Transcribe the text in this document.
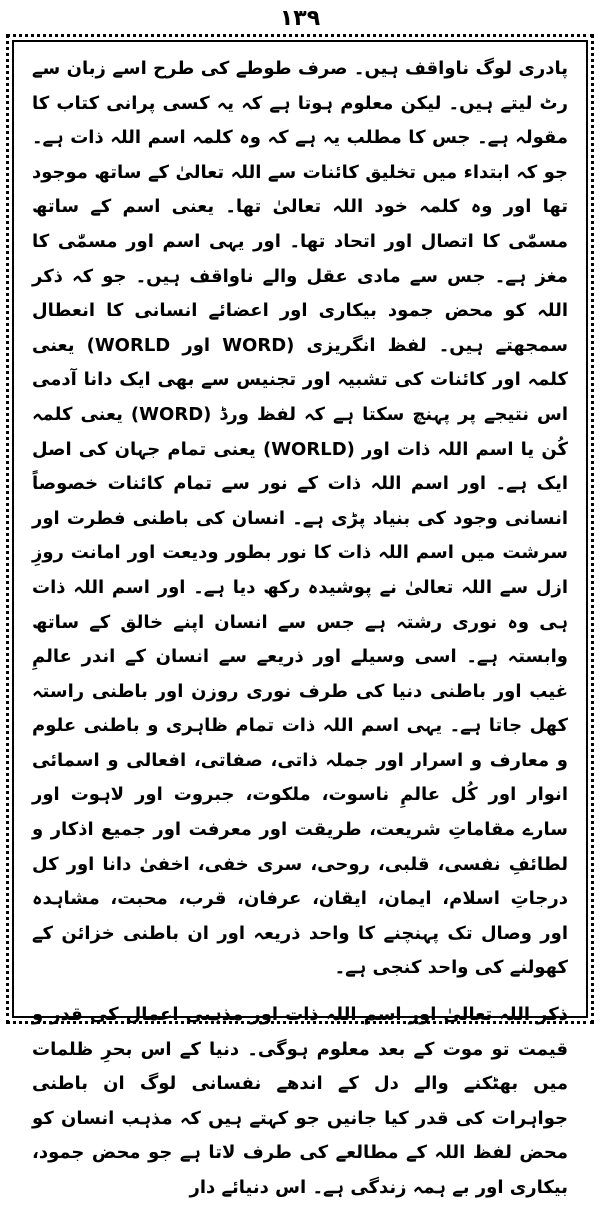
۱۳۹

پادری لوگ ناواقف ہیں۔ صرف طوطے کی طرح اسے زبان سے رٹ لیتے ہیں۔ لیکن معلوم ہوتا ہے کہ یہ کسی پرانی کتاب کا مقولہ ہے۔ جس کا مطلب یہ ہے کہ وہ کلمہ اسم اللہ ذات ہے۔ جو کہ ابتداء میں تخلیق کائنات سے اللہ تعالیٰ کے ساتھ موجود تھا اور وہ کلمہ خود اللہ تعالیٰ تھا۔ یعنی اسم کے ساتھ مسمّٰی کا اتصال اور اتحاد تھا۔ اور یہی اسم اور مسمّٰی کا مغز ہے۔ جس سے مادی عقل والے ناواقف ہیں۔ جو کہ ذکر اللہ کو محض جمود بیکاری اور اعضائے انسانی کا انعطال سمجھتے ہیں۔ لفظ انگریزی (WORD اور WORLD) یعنی کلمہ اور کائنات کی تشبیہ اور تجنیس سے بھی ایک دانا آدمی اس نتیجے پر پہنچ سکتا ہے کہ لفظ ورڈ (WORD) یعنی کلمہ کُن یا اسم اللہ ذات اور (WORLD) یعنی تمام جہان کی اصل ایک ہے۔ اور اسم اللہ ذات کے نور سے تمام کائنات خصوصاً انسانی وجود کی بنیاد پڑی ہے۔ انسان کی باطنی فطرت اور سرشت میں اسم اللہ ذات کا نور بطور ودیعت اور امانت روزِ ازل سے اللہ تعالیٰ نے پوشیدہ رکھ دیا ہے۔ اور اسم اللہ ذات ہی وہ نوری رشتہ ہے جس سے انسان اپنے خالق کے ساتھ وابستہ ہے۔ اسی وسیلے اور ذریعے سے انسان کے اندر عالمِ غیب اور باطنی دنیا کی طرف نوری روزن اور باطنی راستہ کھل جاتا ہے۔ یہی اسم اللہ ذات تمام ظاہری و باطنی علوم و معارف و اسرار اور جملہ ذاتی، صفاتی، افعالی و اسمائی انوار اور کُل عالمِ ناسوت، ملکوت، جبروت اور لاہوت اور سارے مقاماتِ شریعت، طریقت اور معرفت اور جمیع اذکار و لطائفِ نفسی، قلبی، روحی، سری خفی، اخفیٰ دانا اور کل درجاتِ اسلام، ایمان، ایقان، عرفان، قرب، محبت، مشاہدہ اور وصال تک پہنچنے کا واحد ذریعہ اور ان باطنی خزائن کے کھولنے کی واحد کنجی ہے۔

ذکر اللہ تعالیٰ اور اسم اللہ ذات اور مذہبی اعمال کی قدر و قیمت تو موت کے بعد معلوم ہوگی۔ دنیا کے اس بحرِ ظلمات میں بھٹکنے والے دل کے اندھے نفسانی لوگ ان باطنی جواہرات کی قدر کیا جانیں جو کہتے ہیں کہ مذہب انسان کو محض لفظ اللہ کے مطالعے کی طرف لاتا ہے جو محض جمود، بیکاری اور بے ہمہ زندگی ہے۔ اس دنیائے دار
